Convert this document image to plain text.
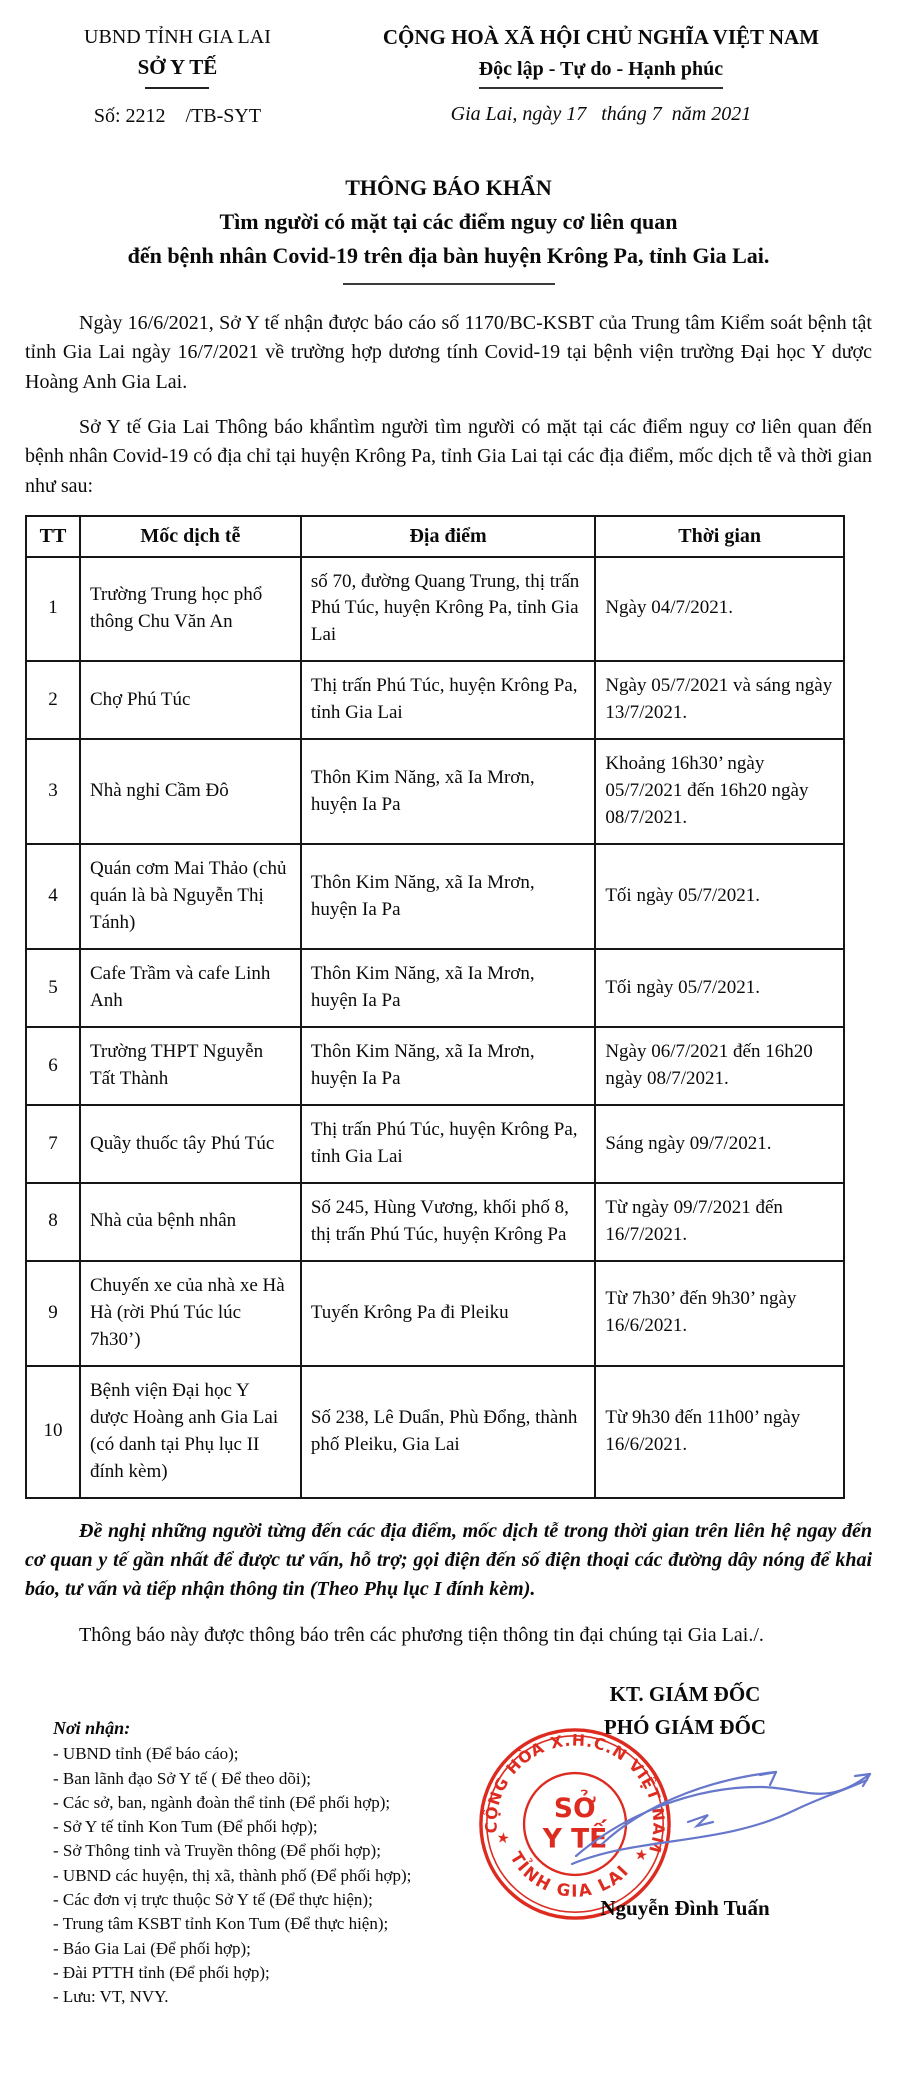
UBND TỈNH GIA LAI
SỞ Y TẾ
Số: 2212    /TB-SYT
CỘNG HOÀ XÃ HỘI CHỦ NGHĨA VIỆT NAM
Độc lập - Tự do - Hạnh phúc
Gia Lai, ngày 17   tháng 7  năm 2021
THÔNG BÁO KHẨN
Tìm người có mặt tại các điểm nguy cơ liên quan
đến bệnh nhân Covid-19 trên địa bàn huyện Krông Pa, tỉnh Gia Lai.

Ngày 16/6/2021, Sở Y tế nhận được báo cáo số 1170/BC-KSBT của Trung tâm Kiểm soát bệnh tật tỉnh Gia Lai ngày 16/7/2021 về trường hợp dương tính Covid-19 tại bệnh viện trường Đại học Y dược Hoàng Anh Gia Lai.

Sở Y tế Gia Lai Thông báo khẩntìm người tìm người có mặt tại các điểm nguy cơ liên quan đến bệnh nhân Covid-19 có địa chỉ tại huyện Krông Pa, tỉnh Gia Lai tại các địa điểm, mốc dịch tễ và thời gian như sau:

TT	Mốc dịch tễ	Địa điểm	Thời gian
1	Trường Trung học phổ thông Chu Văn An	số 70, đường Quang Trung, thị trấn Phú Túc, huyện Krông Pa, tỉnh Gia Lai	Ngày 04/7/2021.
2	Chợ Phú Túc	Thị trấn Phú Túc, huyện Krông Pa, tỉnh Gia Lai	Ngày 05/7/2021 và sáng ngày 13/7/2021.
3	Nhà nghỉ Cầm Đô	Thôn Kim Năng, xã Ia Mrơn, huyện Ia Pa	Khoảng 16h30’ ngày 05/7/2021 đến 16h20 ngày 08/7/2021.
4	Quán cơm Mai Thảo (chủ quán là bà Nguyễn Thị Tánh)	Thôn Kim Năng, xã Ia Mrơn, huyện Ia Pa	Tối ngày 05/7/2021.
5	Cafe Trầm và cafe Linh Anh	Thôn Kim Năng, xã Ia Mrơn, huyện Ia Pa	Tối ngày 05/7/2021.
6	Trường THPT Nguyễn Tất Thành	Thôn Kim Năng, xã Ia Mrơn, huyện Ia Pa	Ngày 06/7/2021 đến 16h20 ngày 08/7/2021.
7	Quầy thuốc tây Phú Túc	Thị trấn Phú Túc, huyện Krông Pa, tỉnh Gia Lai	Sáng ngày 09/7/2021.
8	Nhà của bệnh nhân	Số 245, Hùng Vương, khối phố 8, thị trấn Phú Túc, huyện Krông Pa	Từ ngày 09/7/2021 đến 16/7/2021.
9	Chuyến xe của nhà xe Hà Hà (rời Phú Túc lúc 7h30’)	Tuyến Krông Pa đi Pleiku	Từ 7h30’ đến 9h30’ ngày 16/6/2021.
10	Bệnh viện Đại học Y dược Hoàng anh Gia Lai (có danh tại Phụ lục II đính kèm)	Số 238, Lê Duẩn, Phù Đổng, thành phố Pleiku, Gia Lai	Từ 9h30 đến 11h00’ ngày 16/6/2021.

Đề nghị những người từng đến các địa điểm, mốc dịch tễ trong thời gian trên liên hệ ngay đến cơ quan y tế gần nhất để được tư vấn, hỗ trợ; gọi điện đến số điện thoại các đường dây nóng để khai báo, tư vấn và tiếp nhận thông tin (Theo Phụ lục I đính kèm).

Thông báo này được thông báo trên các phương tiện thông tin đại chúng tại Gia Lai./.

KT. GIÁM ĐỐC
PHÓ GIÁM ĐỐC
Nơi nhận:
- UBND tỉnh (Để báo cáo);
- Ban lãnh đạo Sở Y tế ( Để theo dõi);
- Các sở, ban, ngành đoàn thể tỉnh (Để phối hợp);
- Sở Y tế tỉnh Kon Tum (Để phối hợp);
- Sở Thông tinh và Truyền thông (Để phối hợp);
- UBND các huyện, thị xã, thành phố (Để phối hợp);
- Các đơn vị trực thuộc Sở Y tế (Để thực hiện);
- Trung tâm KSBT tỉnh Kon Tum (Để thực hiện);
- Báo Gia Lai (Để phối hợp);
- Đài PTTH tỉnh (Để phối hợp);
- Lưu: VT, NVY.
CỘNG HÒA X.H.C.N VIỆT NAM
TỈNH GIA LAI
★
★
SỞ
Y TẾ
Nguyễn Đình Tuấn
